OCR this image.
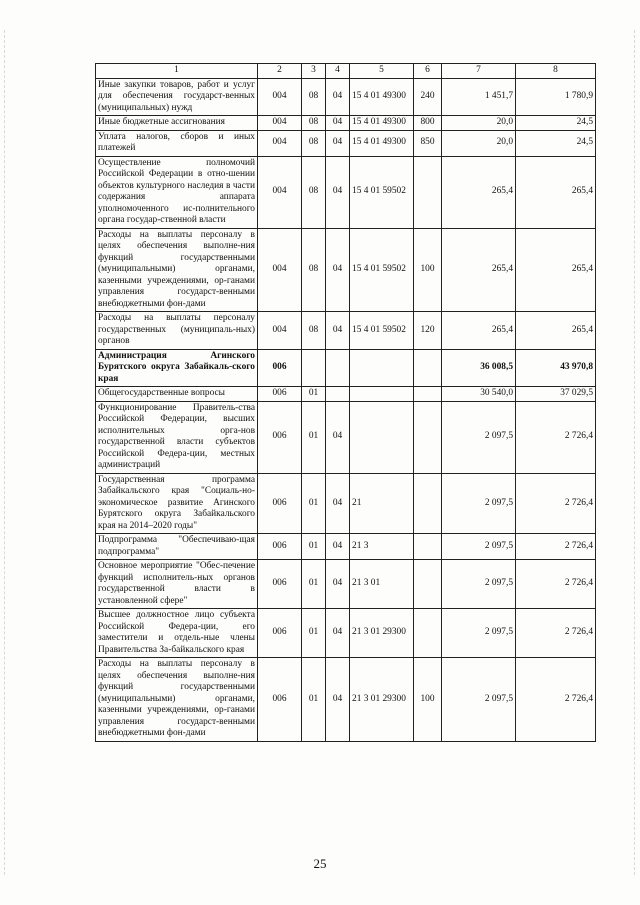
1	2	3	4	5	6	7	8
Иные закупки товаров, работ и услуг для обеспечения государст-венных (муниципальных) нужд	004	08	04	15 4 01 49300	240	1 451,7	1 780,9
Иные бюджетные ассигнования	004	08	04	15 4 01 49300	800	20,0	24,5
Уплата налогов, сборов и иных платежей	004	08	04	15 4 01 49300	850	20,0	24,5
Осуществление полномочий Российской Федерации в отно-шении объектов культурного наследия в части содержания аппарата уполномоченного ис-полнительного органа государ-ственной власти	004	08	04	15 4 01 59502		265,4	265,4
Расходы на выплаты персоналу в целях обеспечения выполне-ния функций государственными (муниципальными) органами, казенными учреждениями, ор-ганами управления государст-венными внебюджетными фон-дами	004	08	04	15 4 01 59502	100	265,4	265,4
Расходы на выплаты персоналу государственных (муниципаль-ных) органов	004	08	04	15 4 01 59502	120	265,4	265,4
Администрация Агинского Бурятского округа Забайкаль-ского края	006					36 008,5	43 970,8
Общегосударственные вопросы	006	01				30 540,0	37 029,5
Функционирование Правитель-ства Российской Федерации, высших исполнительных орга-нов государственной власти субъектов Российской Федера-ции, местных администраций	006	01	04			2 097,5	2 726,4
Государственная программа Забайкальского края "Социаль-но-экономическое развитие Агинского Бурятского округа Забайкальского края на 2014–2020 годы"	006	01	04	21		2 097,5	2 726,4
Подпрограмма "Обеспечиваю-щая подпрограмма"	006	01	04	21 3		2 097,5	2 726,4
Основное мероприятие "Обес-печение функций исполнитель-ных органов государственной власти в установленной сфере"	006	01	04	21 3 01		2 097,5	2 726,4
Высшее должностное лицо субъекта Российской Федера-ции, его заместители и отдель-ные члены Правительства За-байкальского края	006	01	04	21 3 01 29300		2 097,5	2 726,4
Расходы на выплаты персоналу в целях обеспечения выполне-ния функций государственными (муниципальными) органами, казенными учреждениями, ор-ганами управления государст-венными внебюджетными фон-дами	006	01	04	21 3 01 29300	100	2 097,5	2 726,4
25
